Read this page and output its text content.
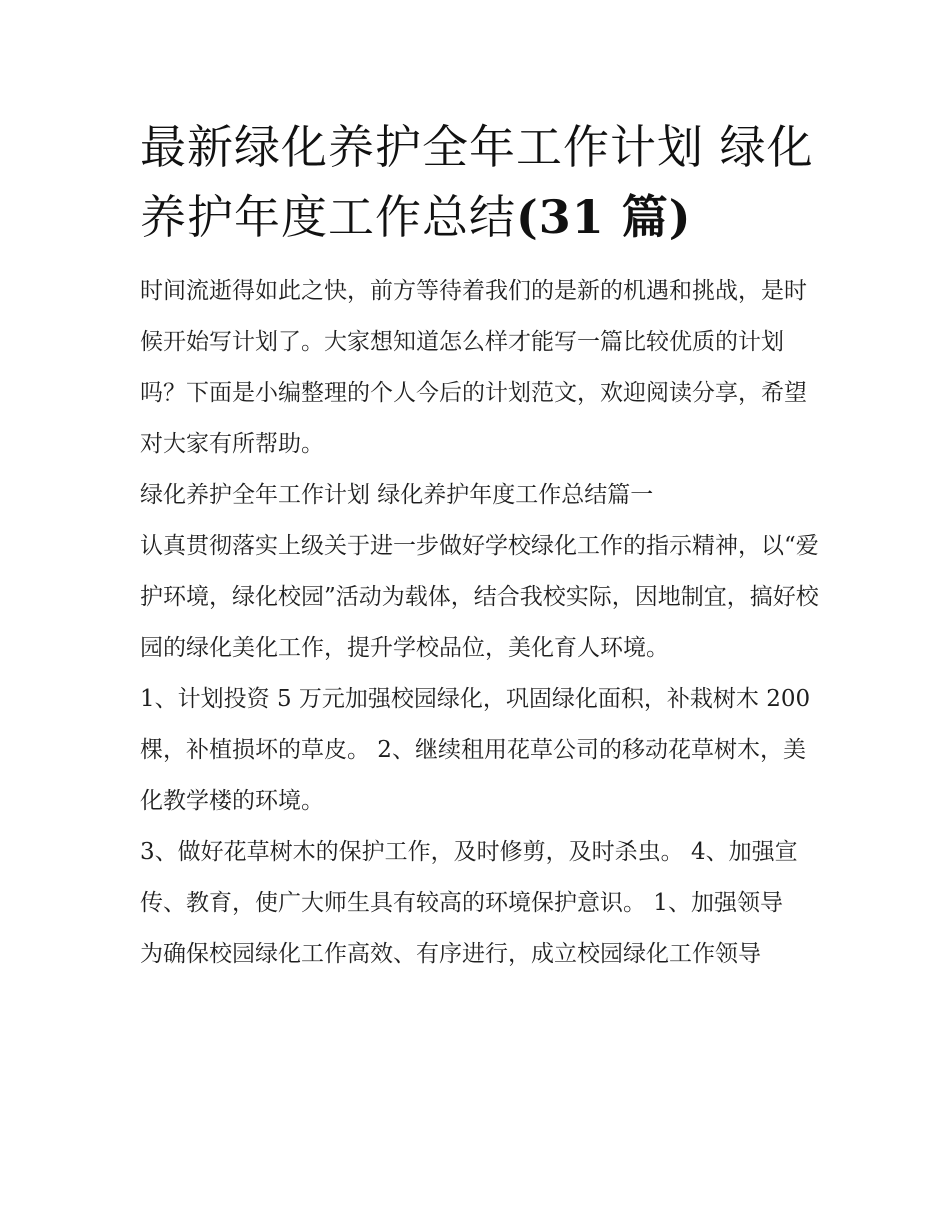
最新绿化养护全年工作计划 绿化养护年度工作总结(31 篇)

时间流逝得如此之快，前方等待着我们的是新的机遇和挑战，是时候开始写计划了。大家想知道怎么样才能写一篇比较优质的计划吗？下面是小编整理的个人今后的计划范文，欢迎阅读分享，希望对大家有所帮助。

绿化养护全年工作计划 绿化养护年度工作总结篇一

认真贯彻落实上级关于进一步做好学校绿化工作的指示精神，以“爱护环境，绿化校园”活动为载体，结合我校实际，因地制宜，搞好校园的绿化美化工作，提升学校品位，美化育人环境。

1、计划投资 5 万元加强校园绿化，巩固绿化面积，补栽树木 200 棵，补植损坏的草皮。 2、继续租用花草公司的移动花草树木，美化教学楼的环境。

3、做好花草树木的保护工作，及时修剪，及时杀虫。 4、加强宣传、教育，使广大师生具有较高的环境保护意识。 1、加强领导

为确保校园绿化工作高效、有序进行，成立校园绿化工作领导
